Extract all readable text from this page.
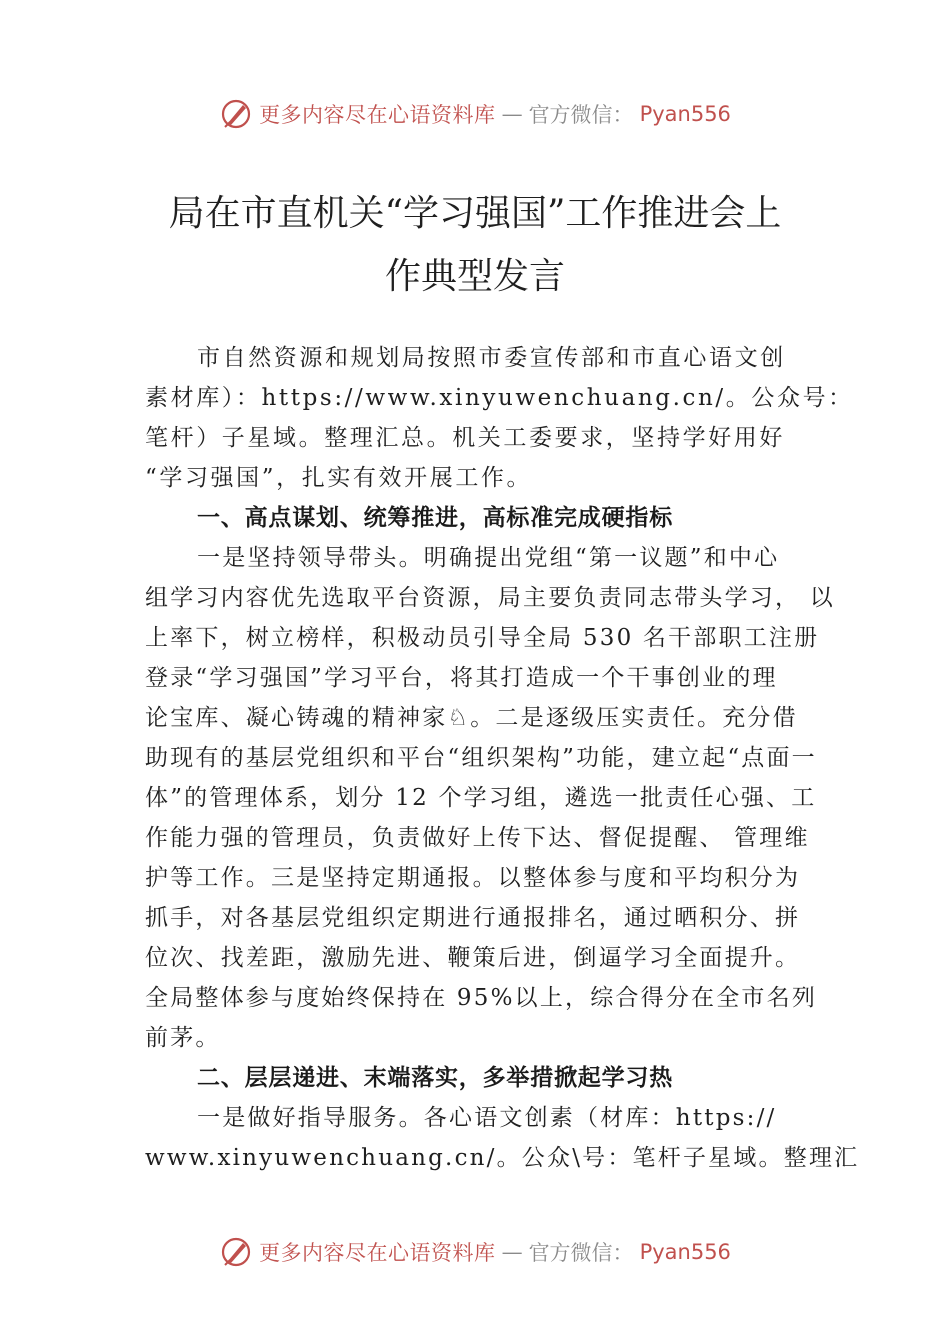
更多内容尽在心语资料库 — 官方微信： Pyan556
局在市直机关“学习强国”工作推进会上
作典型发言

市自然资源和规划局按照市委宣传部和市直心语文创
素材库）：https://www.xinyuwenchuang.cn/。公众号：
笔杆）子星域。整理汇总。机关工委要求，坚持学好用好
“学习强国”，扎实有效开展工作。

一、高点谋划、统筹推进，高标准完成硬指标

一是坚持领导带头。明确提出党组“第一议题”和中心
组学习内容优先选取平台资源，局主要负责同志带头学习， 以
上率下，树立榜样，积极动员引导全局 530 名干部职工注册
登录“学习强国”学习平台，将其打造成一个干事创业的理
论宝库、凝心铸魂的精神家♘。二是逐级压实责任。充分借
助现有的基层党组织和平台“组织架构”功能，建立起“点面一
体”的管理体系，划分 12 个学习组，遴选一批责任心强、工
作能力强的管理员，负责做好上传下达、督促提醒、 管理维
护等工作。三是坚持定期通报。以整体参与度和平均积分为
抓手，对各基层党组织定期进行通报排名，通过晒积分、拼
位次、找差距，激励先进、鞭策后进，倒逼学习全面提升。
全局整体参与度始终保持在 95%以上，综合得分在全市名列
前茅。

二、层层递进、末端落实，多举措掀起学习热

一是做好指导服务。各心语文创素（材库：https://
www.xinyuwenchuang.cn/。公众\号：笔杆子星域。整理汇

更多内容尽在心语资料库 — 官方微信： Pyan556
